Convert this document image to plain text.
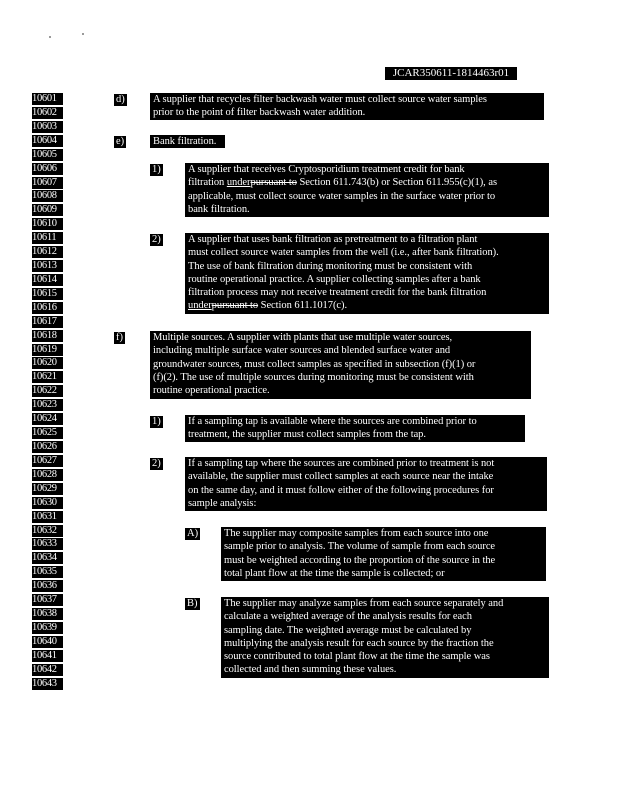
JCAR350611-1814463r01
10601
10602
10603
10604
10605
10606
10607
10608
10609
10610
10611
10612
10613
10614
10615
10616
10617
10618
10619
10620
10621
10622
10623
10624
10625
10626
10627
10628
10629
10630
10631
10632
10633
10634
10635
10636
10637
10638
10639
10640
10641
10642
10643
d)	A supplier that recycles filter backwash water must collect source water samples
prior to the point of filter backwash water addition.
e)	Bank filtration.
1)	A supplier that receives Cryptosporidium treatment credit for bank
filtration underpursuant to Section 611.743(b) or Section 611.955(c)(1), as
applicable, must collect source water samples in the surface water prior to
bank filtration.
2)	A supplier that uses bank filtration as pretreatment to a filtration plant
must collect source water samples from the well (i.e., after bank filtration).
The use of bank filtration during monitoring must be consistent with
routine operational practice. A supplier collecting samples after a bank
filtration process may not receive treatment credit for the bank filtration
underpursuant to Section 611.1017(c).
f)	Multiple sources. A supplier with plants that use multiple water sources,
including multiple surface water sources and blended surface water and
groundwater sources, must collect samples as specified in subsection (f)(1) or
(f)(2). The use of multiple sources during monitoring must be consistent with
routine operational practice.
1)	If a sampling tap is available where the sources are combined prior to
treatment, the supplier must collect samples from the tap.
2)	If a sampling tap where the sources are combined prior to treatment is not
available, the supplier must collect samples at each source near the intake
on the same day, and it must follow either of the following procedures for
sample analysis:
A) The supplier may composite samples from each source into one
sample prior to analysis. The volume of sample from each source
must be weighted according to the proportion of the source in the
total plant flow at the time the sample is collected; or
B)	The supplier may analyze samples from each source separately and
calculate a weighted average of the analysis results for each
sampling date. The weighted average must be calculated by
multiplying the analysis result for each source by the fraction the
source contributed to total plant flow at the time the sample was
collected and then summing these values.
